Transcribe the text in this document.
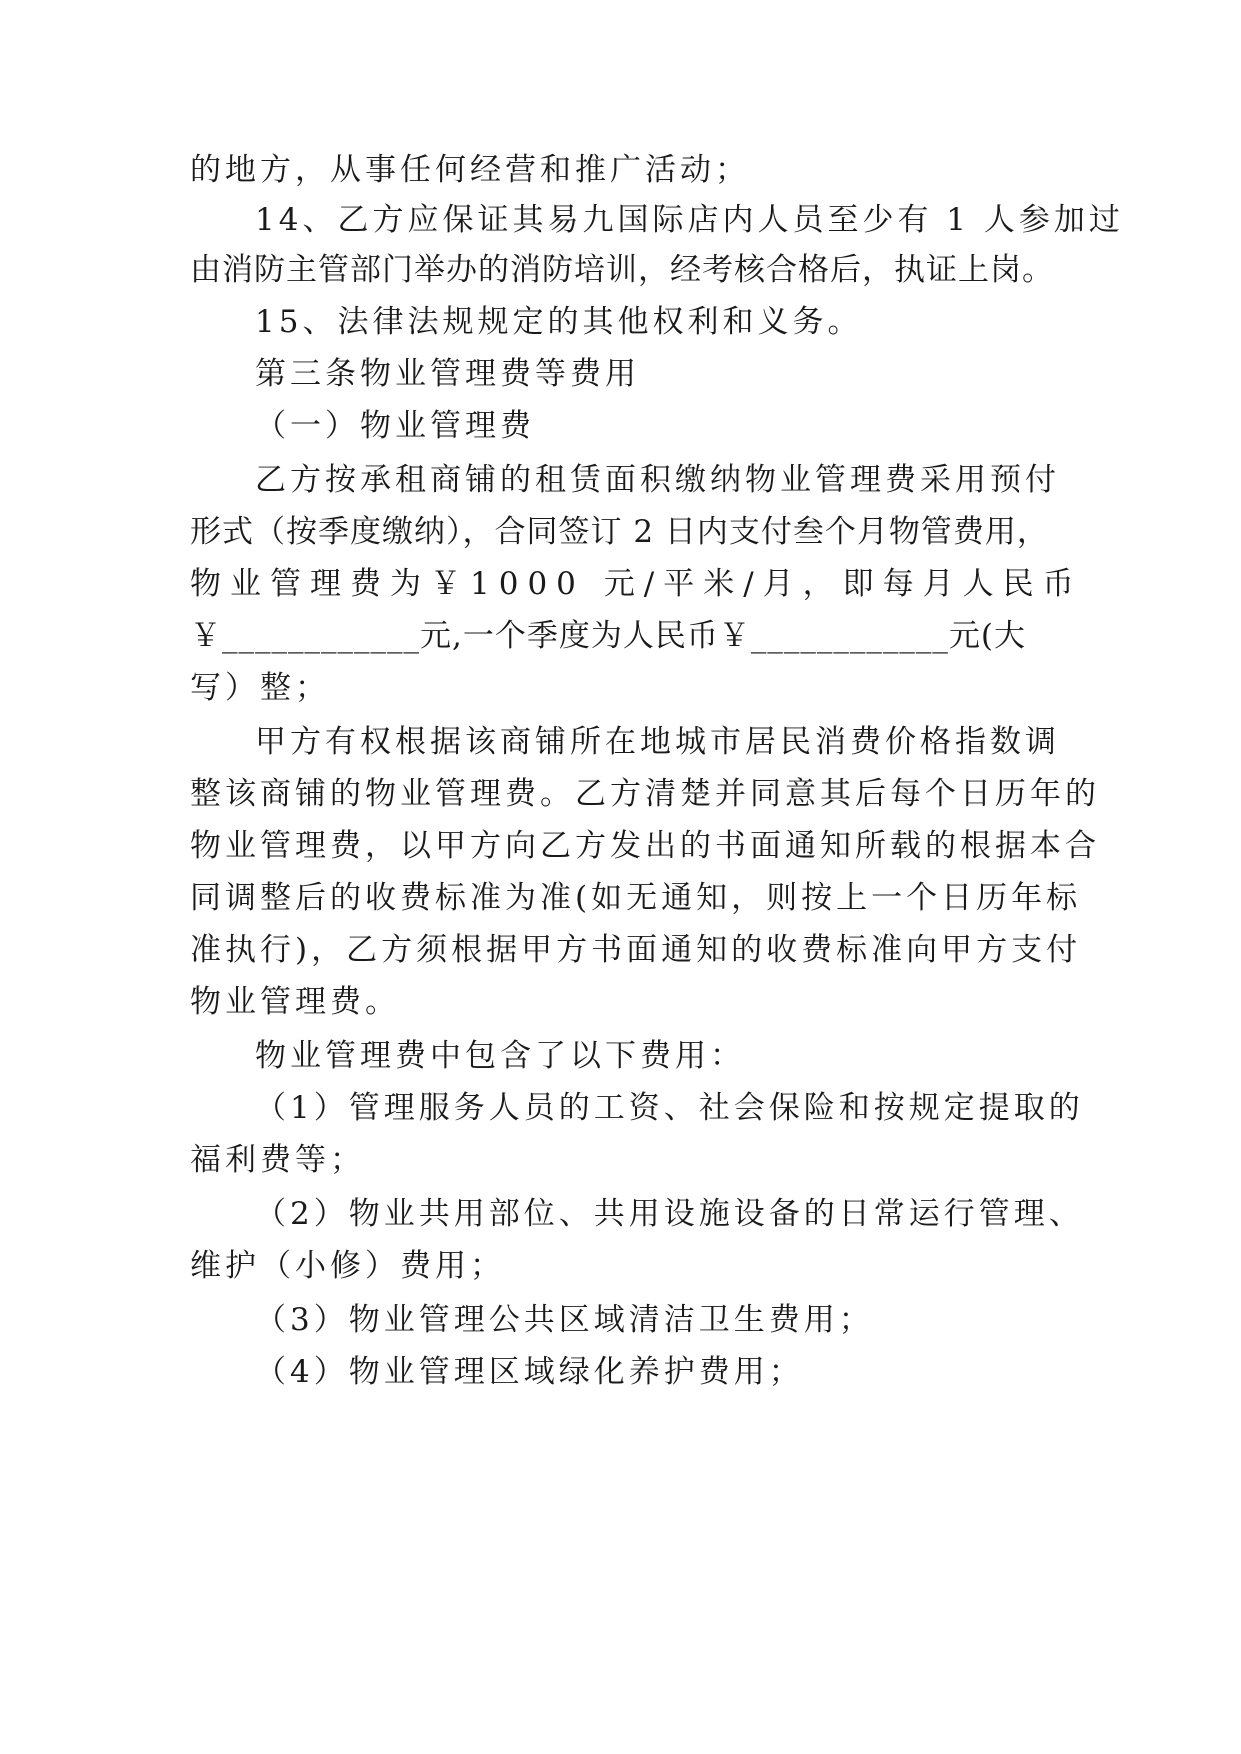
的地方，从事任何经营和推广活动；
14、乙方应保证其易九国际店内人员至少有 1 人参加过
由消防主管部门举办的消防培训，经考核合格后，执证上岗。
15、法律法规规定的其他权利和义务。
第三条物业管理费等费用
（一）物业管理费
乙方按承租商铺的租赁面积缴纳物业管理费采用预付
形式（按季度缴纳），合同签订 2 日内支付叁个月物管费用，
物业管理费为￥1000 元/平米/月，即每月人民币
￥____________元,一个季度为人民币￥____________元(大
写）整；
甲方有权根据该商铺所在地城市居民消费价格指数调
整该商铺的物业管理费。乙方清楚并同意其后每个日历年的
物业管理费，以甲方向乙方发出的书面通知所载的根据本合
同调整后的收费标准为准(如无通知，则按上一个日历年标
准执行)，乙方须根据甲方书面通知的收费标准向甲方支付
物业管理费。
物业管理费中包含了以下费用：
（1）管理服务人员的工资、社会保险和按规定提取的
福利费等；
（2）物业共用部位、共用设施设备的日常运行管理、
维护（小修）费用；
（3）物业管理公共区域清洁卫生费用；
（4）物业管理区域绿化养护费用；
